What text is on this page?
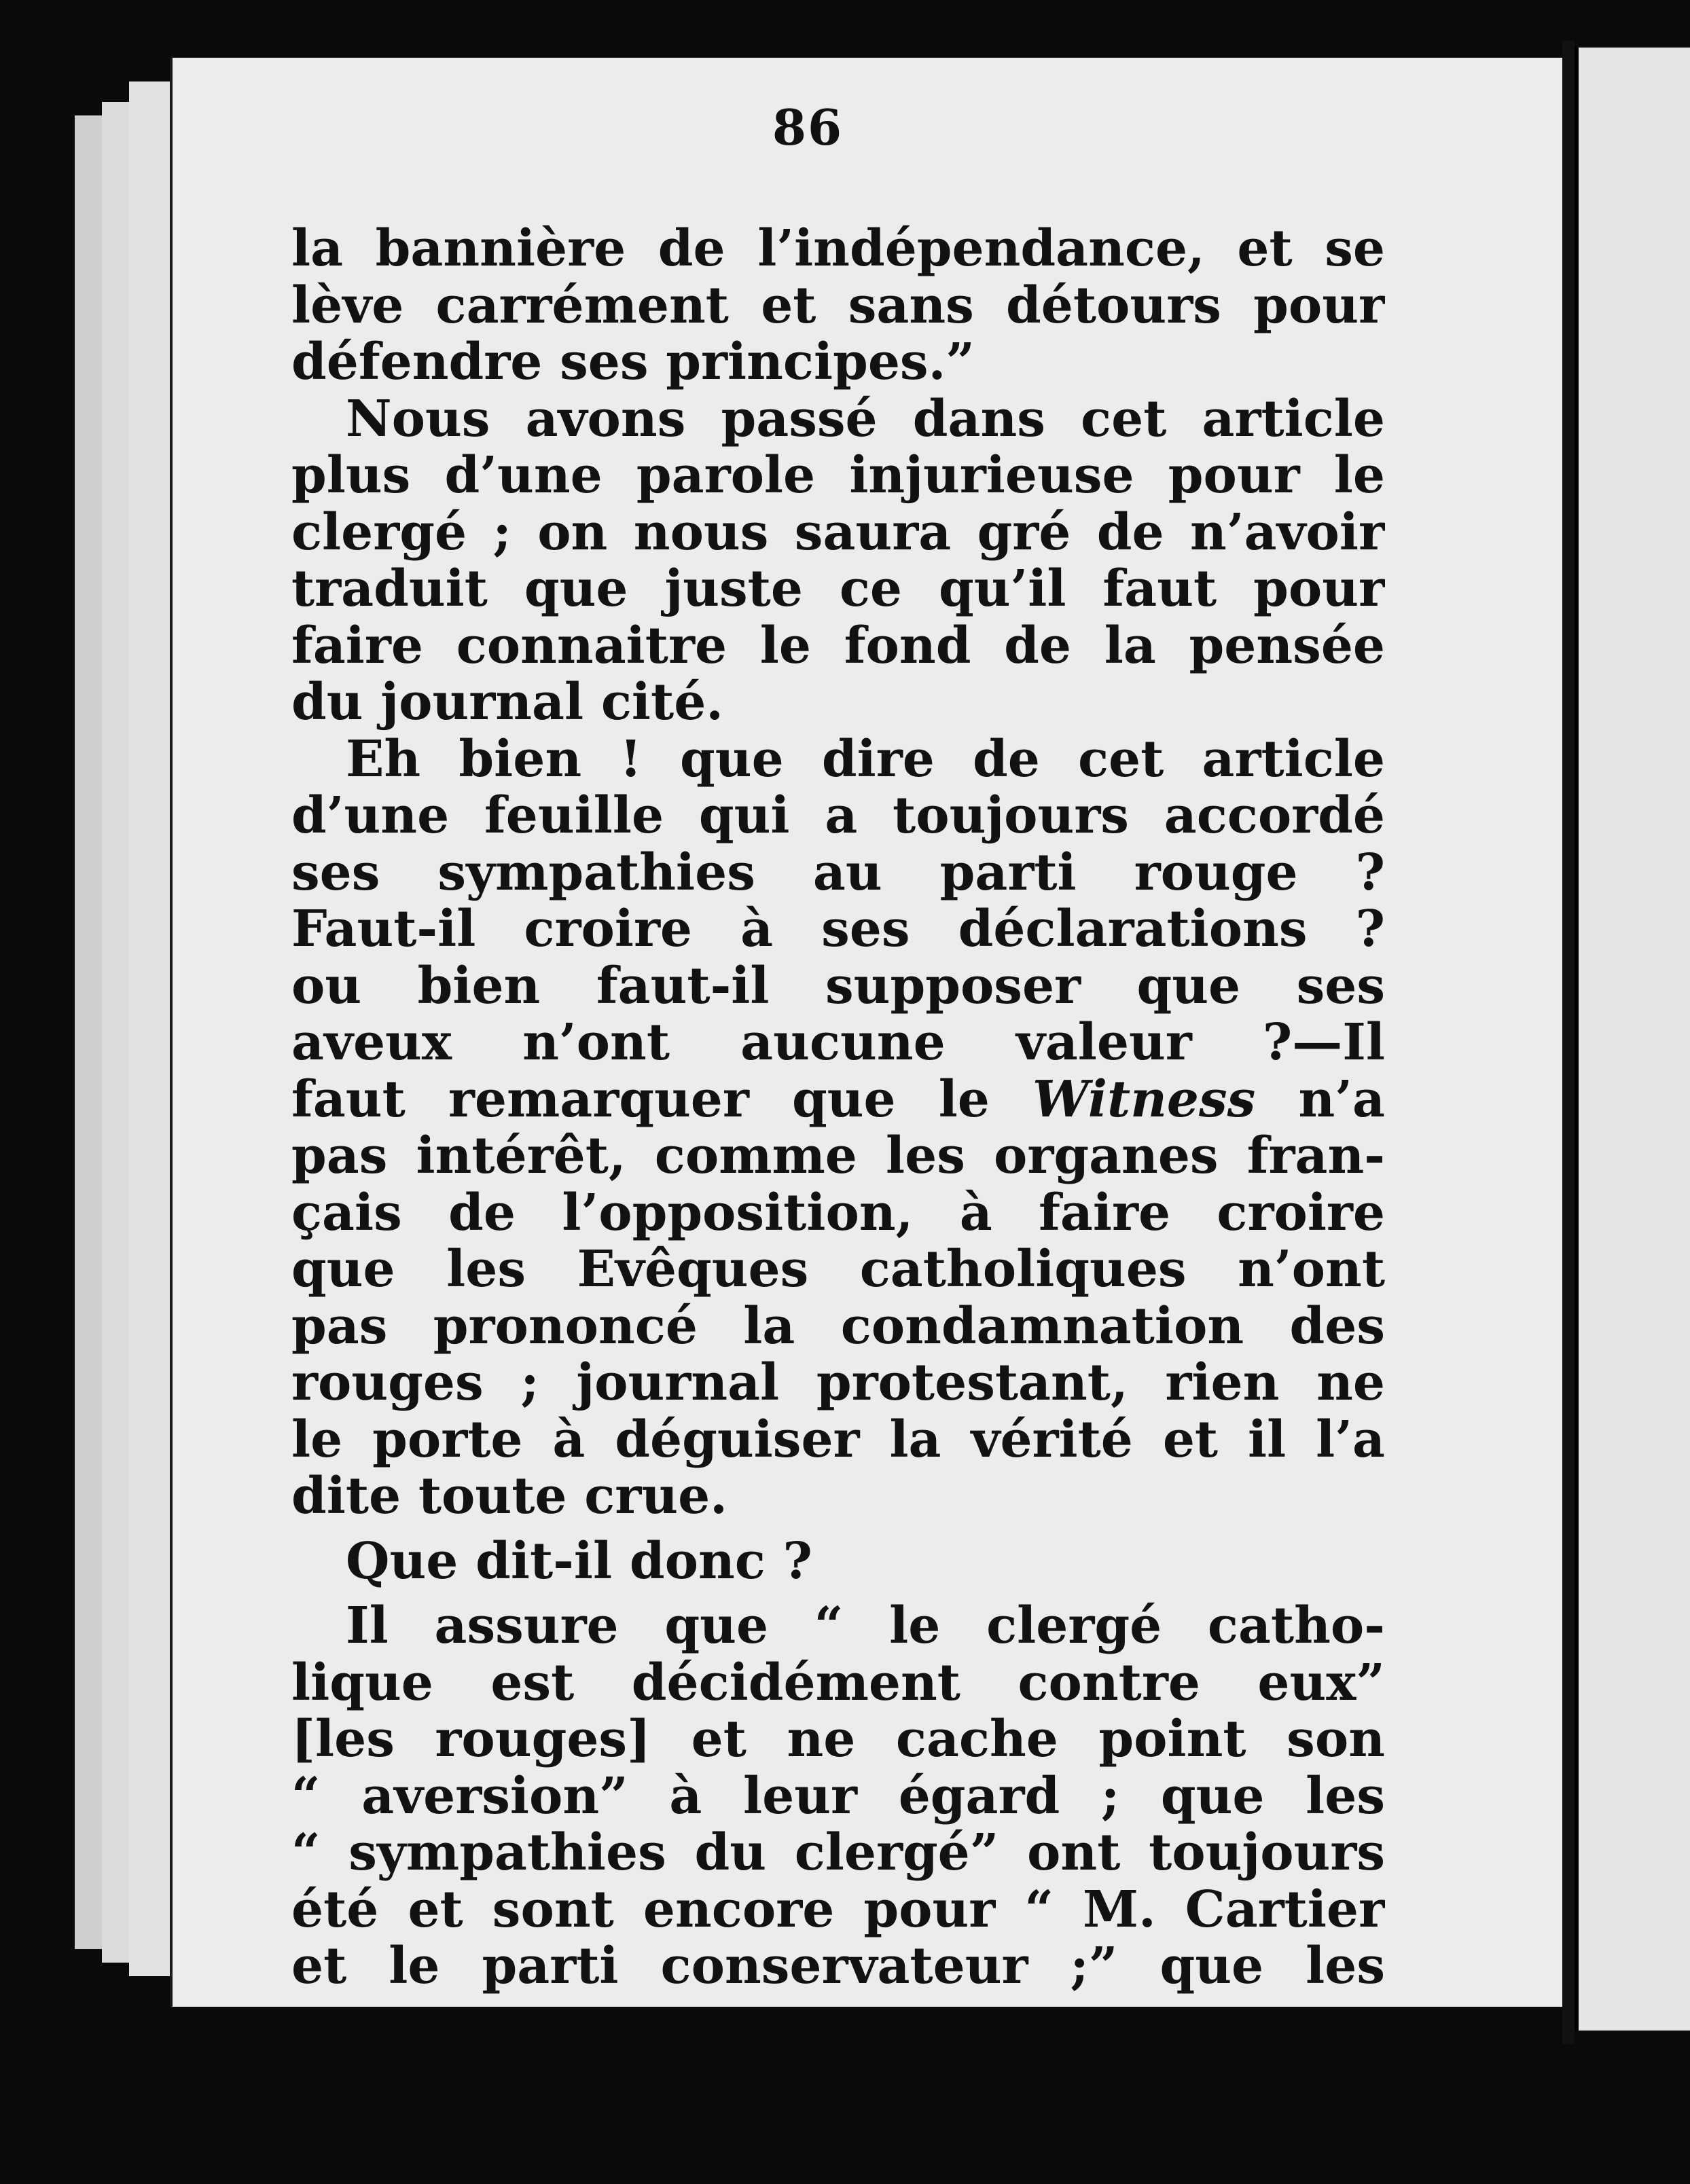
86
la bannière de l’indépendance, et se
lève carrément et sans détours pour
défendre ses principes.”
Nous avons passé dans cet article
plus d’une parole injurieuse pour le
clergé ; on nous saura gré de n’avoir
traduit que juste ce qu’il faut pour
faire connaitre le fond de la pensée
du journal cité.
Eh bien ! que dire de cet article
d’une feuille qui a toujours accordé
ses sympathies au parti rouge ?
Faut-il croire à ses déclarations ?
ou bien faut-il supposer que ses
aveux n’ont aucune valeur ?—Il
faut remarquer que le Witness n’a
pas intérêt, comme les organes fran-
çais de l’opposition, à faire croire
que les Evêques catholiques n’ont
pas prononcé la condamnation des
rouges ; journal protestant, rien ne
le porte à déguiser la vérité et il l’a
dite toute crue.
Que dit-il donc ?
Il assure que “ le clergé catho-
lique est décidément contre eux”
[les rouges] et ne cache point son
“ aversion” à leur égard ; que les
“ sympathies du clergé” ont toujours
été et sont encore pour “ M. Cartier
et le parti conservateur ;” que les
